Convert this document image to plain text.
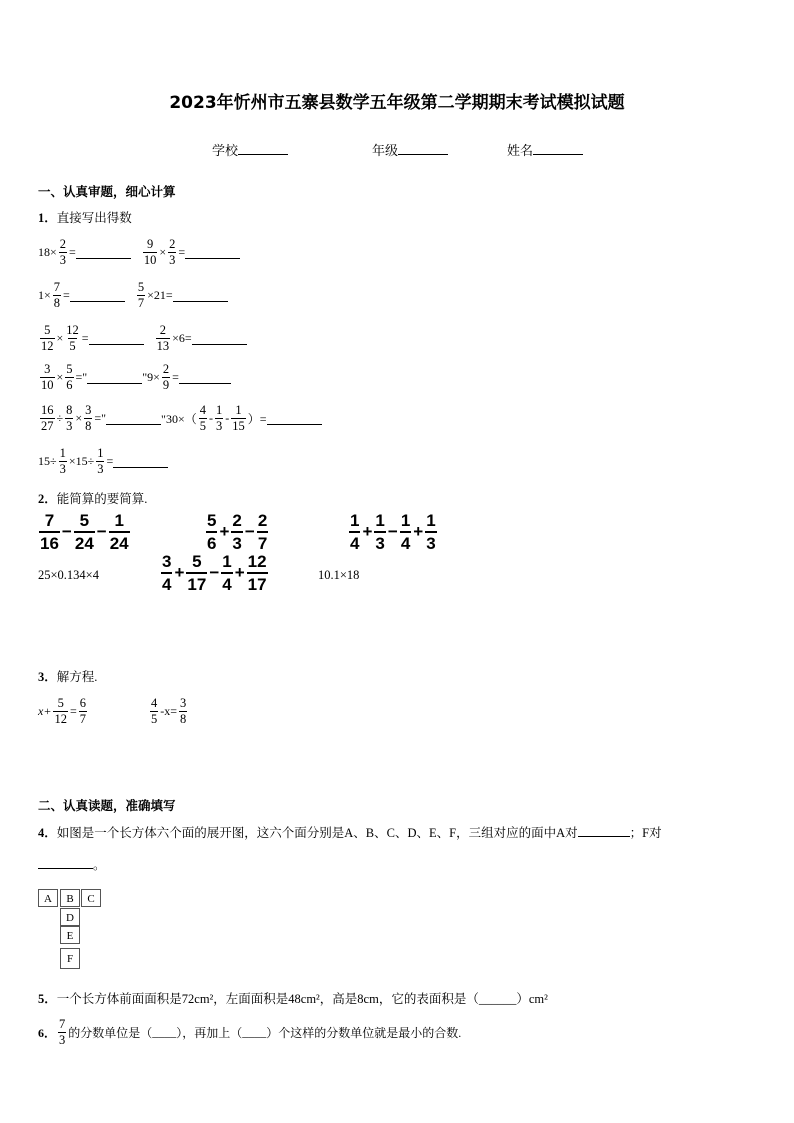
2023年忻州市五寨县数学五年级第二学期期末考试模拟试题
学校	年级	姓名
一、认真审题，细心计算
1．直接写出得数
$18\times \frac{2}{3}$ =	$\frac{9}{10} \times \frac{2}{3}$ =
$1\times \frac{7}{8}$ =	$\frac{5}{7} \times 21=$
$\frac{5}{12} \times \frac{12}{5}$ =	$\frac{2}{13} \times 6=$
$\frac{3}{10} \times \frac{5}{6}$ ="	"$9\times \frac{2}{9}$ =
$\frac{16}{27} \div \frac{8}{3} \times \frac{3}{8}$ ="	"$30\times( \frac{4}{5} - \frac{1}{3} - \frac{1}{15}$ ）=
$15\div \frac{1}{3} \times 15\div \frac{1}{3}$ =
2．能简算的要简算.
$\frac{7}{16} - \frac{5}{24} - \frac{1}{24}$	$\frac{5}{6} + \frac{2}{3} - \frac{2}{7}$	$\frac{1}{4} + \frac{1}{3} - \frac{1}{4} + \frac{1}{3}$
25×0.134×4	$\frac{3}{4} + \frac{5}{17} - \frac{1}{4} + \frac{12}{17}$	10.1×18
3．解方程.
$x+ \frac{5}{12} = \frac{6}{7}$	$\frac{4}{5} -x= \frac{3}{8}$
二、认真读题，准确填写
4．如图是一个长方体六个面的展开图，这六个面分别是A、B、C、D、E、F，三组对应的面中A对	；F对
。
A	B	C
D
E
F
5．一个长方体前面面积是72cm²，左面面积是48cm²，高是8cm，它的表面积是（______）cm²
6． $\frac{7}{3}$ 的分数单位是（ ____ ），再加上（ ____ ）个这样的分数单位就是最小的合数.
